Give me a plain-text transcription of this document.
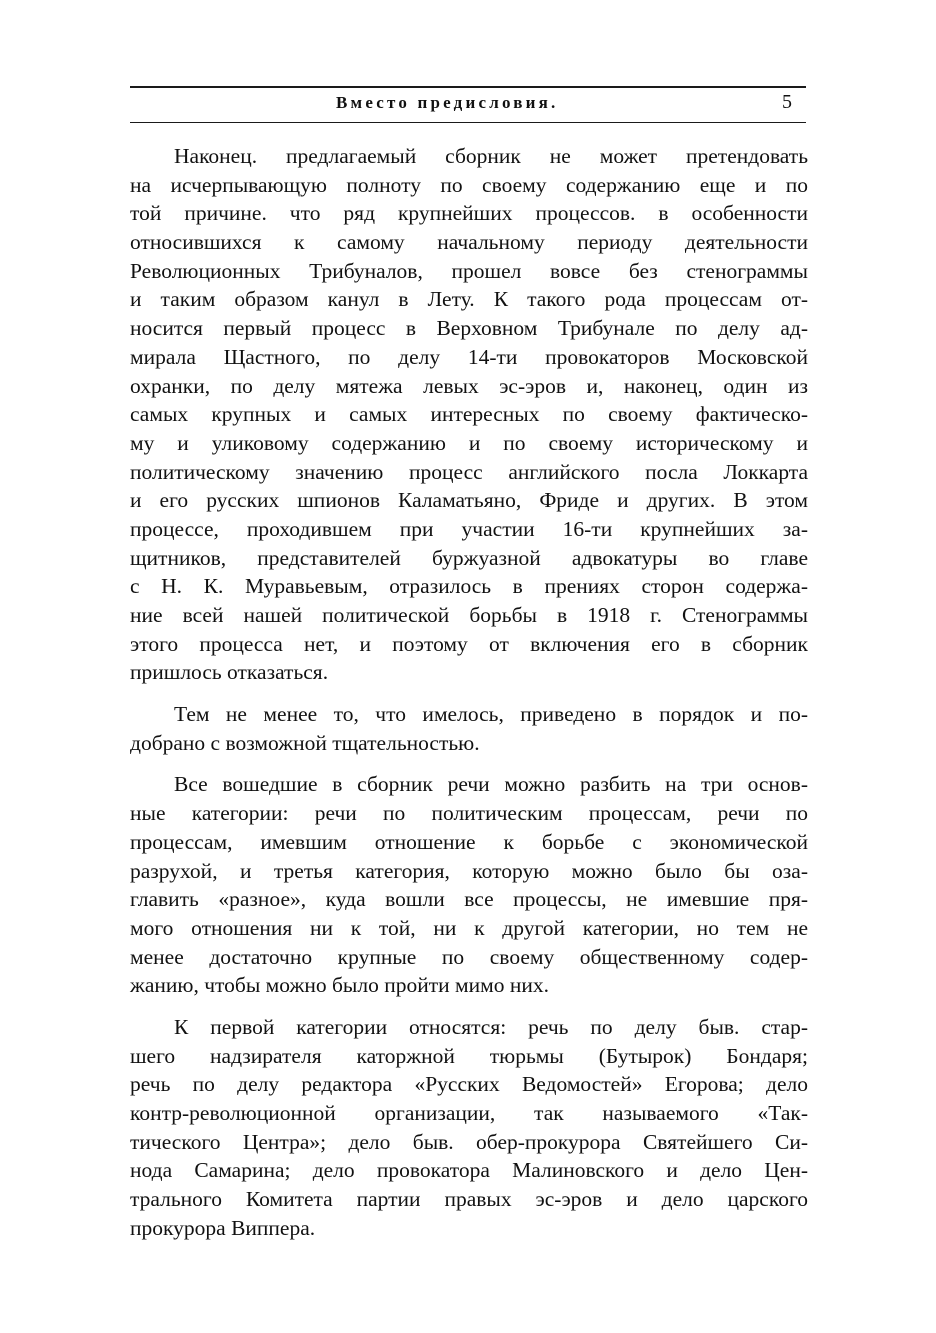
Вместо предисловия.	5
Наконец. предлагаемый сборник не может претендовать
на исчерпывающую полноту по своему содержанию еще и по
той причине. что ряд крупнейших процессов. в особенности
относившихся к самому начальному периоду деятельности
Революционных Трибуналов, прошел вовсе без стенограммы
и таким образом канул в Лету. К такого рода процессам от-
носится первый процесс в Верховном Трибунале по делу ад-
мирала Щастного, по делу 14-ти провокаторов Московской
охранки, по делу мятежа левых эс-эров и, наконец, один из
самых крупных и самых интересных по своему фактическо-
му и уликовому содержанию и по своему историческому и
политическому значению процесс английского посла Локкарта
и его русских шпионов Каламатьяно, Фриде и других. В этом
процессе, проходившем при участии 16-ти крупнейших за-
щитников, представителей буржуазной адвокатуры во главе
с Н. К. Муравьевым, отразилось в прениях сторон содержа-
ние всей нашей политической борьбы в 1918 г. Стенограммы
этого процесса нет, и поэтому от включения его в сборник
пришлось отказаться.
Тем не менее то, что имелось, приведено в порядок и по-
добрано с возможной тщательностью.
Все вошедшие в сборник речи можно разбить на три основ-
ные категории: речи по политическим процессам, речи по
процессам, имевшим отношение к борьбе с экономической
разрухой, и третья категория, которую можно было бы оза-
главить «разное», куда вошли все процессы, не имевшие пря-
мого отношения ни к той, ни к другой категории, но тем не
менее достаточно крупные по своему общественному содер-
жанию, чтобы можно было пройти мимо них.
К первой категории относятся: речь по делу быв. стар-
шего надзирателя каторжной тюрьмы (Бутырок) Бондаря;
речь по делу редактора «Русских Ведомостей» Егорова; дело
контр-революционной организации, так называемого «Так-
тического Центра»; дело быв. обер-прокурора Святейшего Си-
нода Самарина; дело провокатора Малиновского и дело Цен-
трального Комитета партии правых эс-эров и дело царского
прокурора Виппера.
